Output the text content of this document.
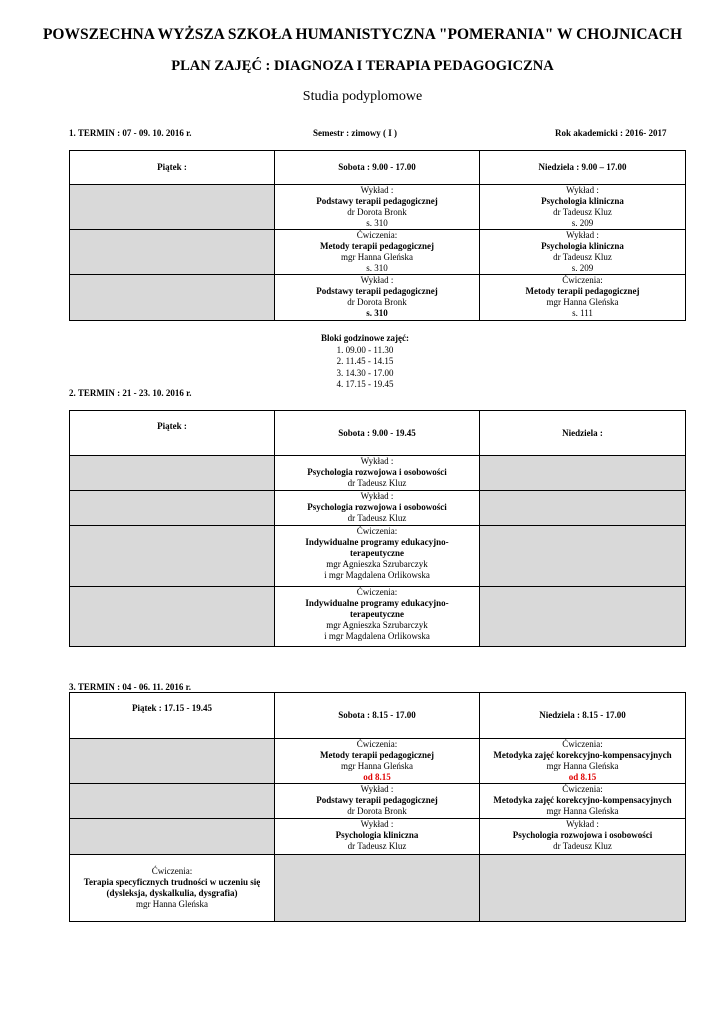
POWSZECHNA WYŻSZA SZKOŁA HUMANISTYCZNA "POMERANIA" W CHOJNICACH
PLAN ZAJĘĆ : DIAGNOZA I TERAPIA PEDAGOGICZNA
Studia podyplomowe
1. TERMIN : 07 - 09. 10. 2016 r.	Semestr : zimowy ( I )	Rok akademicki : 2016- 2017
Piątek :	Sobota : 9.00 - 17.00	Niedziela : 9.00 – 17.00

	Wykład :
Podstawy terapii pedagogicznej
dr Dorota Bronk
s. 310	Wykład :
Psychologia kliniczna
dr Tadeusz Kluz
s. 209

	Ćwiczenia:
Metody terapii pedagogicznej
mgr Hanna Gleńska
s. 310	Wykład :
Psychologia kliniczna
dr Tadeusz Kluz
s. 209

	Wykład :
Podstawy terapii pedagogicznej
dr Dorota Bronk
s. 310	Ćwiczenia:
Metody terapii pedagogicznej
mgr Hanna Gleńska
s. 111
Bloki godzinowe zajęć:
1. 09.00 - 11.30
2. 11.45 - 14.15
3. 14.30 - 17.00
4. 17.15 - 19.45
2. TERMIN : 21 - 23. 10. 2016 r.
Piątek :	Sobota : 9.00 - 19.45	Niedziela :

	Wykład :
Psychologia rozwojowa i osobowości
dr Tadeusz Kluz	

	Wykład :
Psychologia rozwojowa i osobowości
dr Tadeusz Kluz	

	Ćwiczenia:
Indywidualne programy edukacyjno-
terapeutyczne
mgr Agnieszka Szrubarczyk
i mgr Magdalena Orlikowska	

	Ćwiczenia:
Indywidualne programy edukacyjno-
terapeutyczne
mgr Agnieszka Szrubarczyk
i mgr Magdalena Orlikowska	

3. TERMIN : 04 - 06. 11. 2016 r.
Piątek : 17.15 - 19.45	Sobota : 8.15 - 17.00	Niedziela : 8.15 - 17.00

	Ćwiczenia:
Metody terapii pedagogicznej
mgr Hanna Gleńska
od 8.15	Ćwiczenia:
Metodyka zajęć korekcyjno-kompensacyjnych
mgr Hanna Gleńska
od 8.15

	Wykład :
Podstawy terapii pedagogicznej
dr Dorota Bronk	Ćwiczenia:
Metodyka zajęć korekcyjno-kompensacyjnych
mgr Hanna Gleńska

	Wykład :
Psychologia kliniczna
dr Tadeusz Kluz	Wykład :
Psychologia rozwojowa i osobowości
dr Tadeusz Kluz

Ćwiczenia:
Terapia specyficznych trudności w uczeniu się
(dysleksja, dyskalkulia, dysgrafia)
mgr Hanna Gleńska		
